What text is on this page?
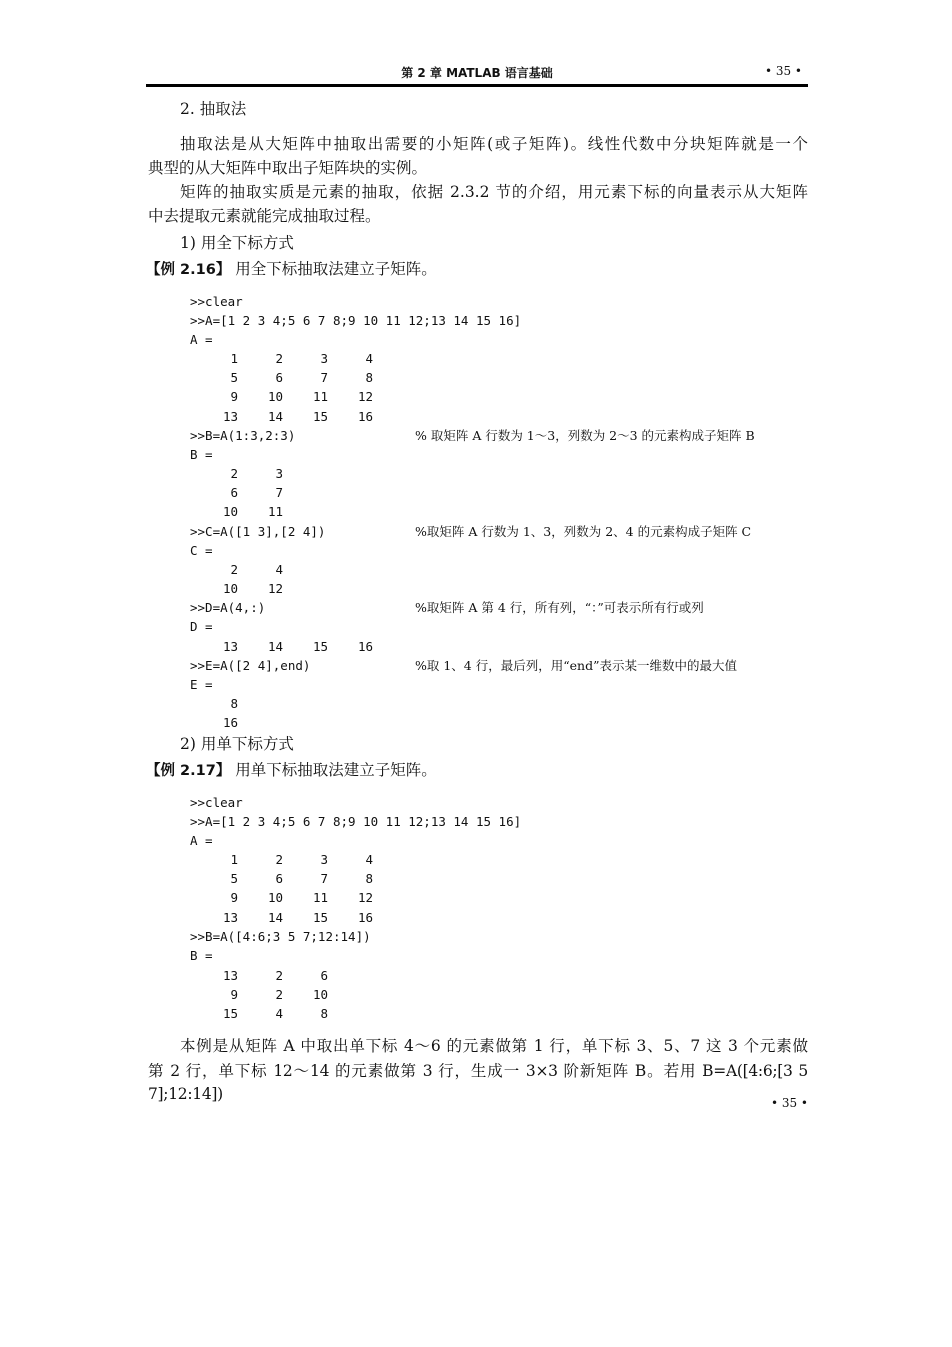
第 2 章 MATLAB 语言基础	• 35 •
2. 抽取法
抽取法是从大矩阵中抽取出需要的小矩阵(或子矩阵)。线性代数中分块矩阵就是一个
典型的从大矩阵中取出子矩阵块的实例。
矩阵的抽取实质是元素的抽取，依据 2.3.2 节的介绍，用元素下标的向量表示从大矩阵
中去提取元素就能完成抽取过程。
1) 用全下标方式
【例 2.16】 用全下标抽取法建立子矩阵。
>>clear
>>A=[1 2 3 4;5 6 7 8;9 10 11 12;13 14 15 16]
A =
1	2	3	4
5	6	7	8
9	10	11	12
13	14	15	16
>>B=A(1:3,2:3)	% 取矩阵 A 行数为 1～3，列数为 2～3 的元素构成子矩阵 B
B =
2	3
6	7
10	11
>>C=A([1 3],[2 4])	%取矩阵 A 行数为 1、3，列数为 2、4 的元素构成子矩阵 C
C =
2	4
10	12
>>D=A(4,:)	%取矩阵 A 第 4 行，所有列，“：”可表示所有行或列
D =
13	14	15	16
>>E=A([2 4],end)	%取 1、4 行，最后列，用“end”表示某一维数中的最大值
E =
8
16
2) 用单下标方式
【例 2.17】 用单下标抽取法建立子矩阵。
>>clear
>>A=[1 2 3 4;5 6 7 8;9 10 11 12;13 14 15 16]
A =
1	2	3	4
5	6	7	8
9	10	11	12
13	14	15	16
>>B=A([4:6;3 5 7;12:14])
B =
13	2	6
9	2	10
15	4	8
本例是从矩阵 A 中取出单下标 4～6 的元素做第 1 行，单下标 3、5、7 这 3 个元素做
第 2 行，单下标 12～14 的元素做第 3 行，生成一 3×3 阶新矩阵 B。若用 B=A([4:6;[3 5 7];12:14])	• 35 •
